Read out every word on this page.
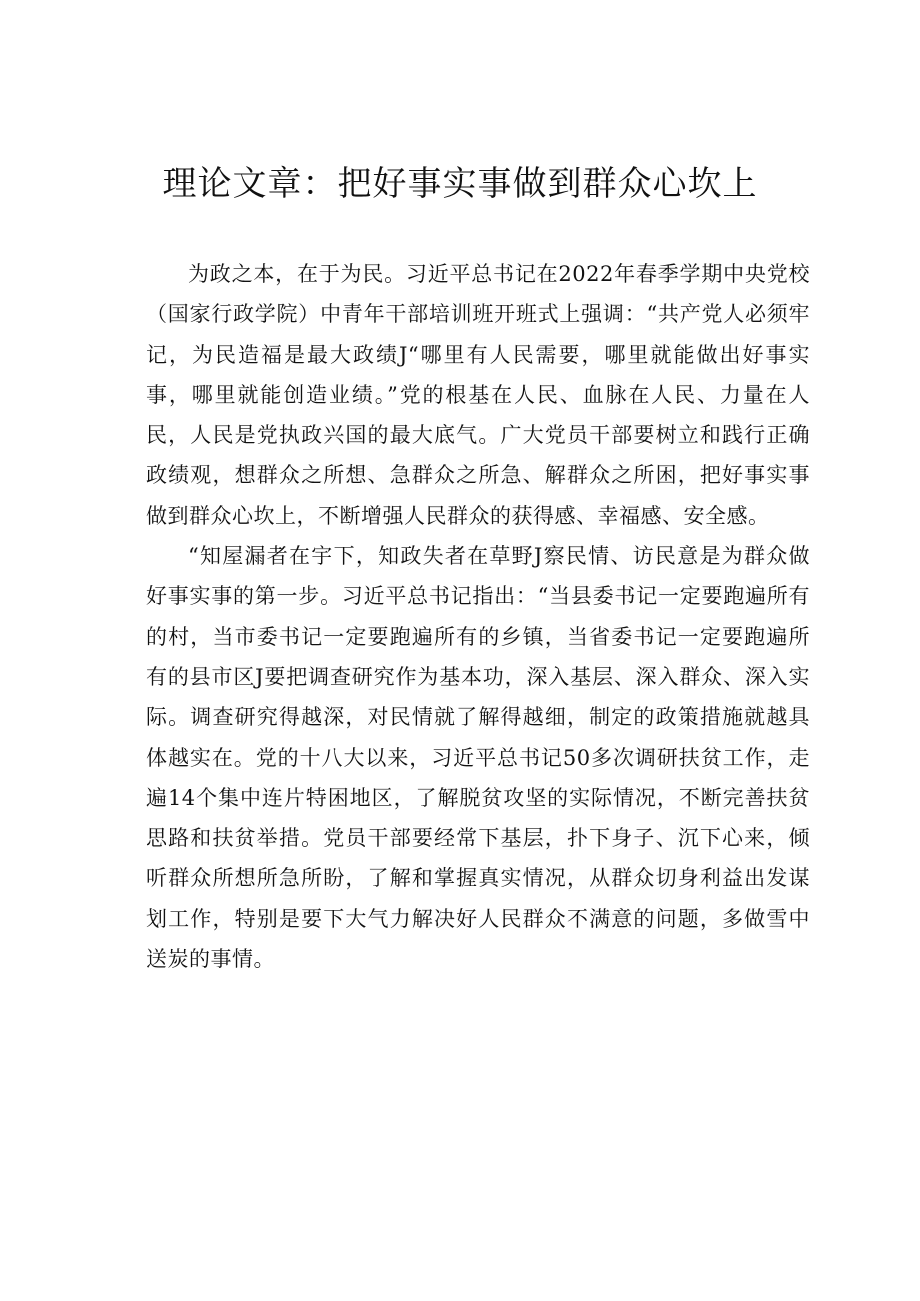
理论文章：把好事实事做到群众心坎上

为政之本，在于为民。习近平总书记在2022年春季学期中央党校（国家行政学院）中青年干部培训班开班式上强调：“共产党人必须牢记，为民造福是最大政绩J“哪里有人民需要，哪里就能做出好事实事，哪里就能创造业绩。”党的根基在人民、血脉在人民、力量在人民，人民是党执政兴国的最大底气。广大党员干部要树立和践行正确政绩观，想群众之所想、急群众之所急、解群众之所困，把好事实事做到群众心坎上，不断增强人民群众的获得感、幸福感、安全感。

“知屋漏者在宇下，知政失者在草野J察民情、访民意是为群众做好事实事的第一步。习近平总书记指出：“当县委书记一定要跑遍所有的村，当市委书记一定要跑遍所有的乡镇，当省委书记一定要跑遍所有的县市区J要把调查研究作为基本功，深入基层、深入群众、深入实际。调查研究得越深，对民情就了解得越细，制定的政策措施就越具体越实在。党的十八大以来，习近平总书记50多次调研扶贫工作，走遍14个集中连片特困地区，了解脱贫攻坚的实际情况，不断完善扶贫思路和扶贫举措。党员干部要经常下基层，扑下身子、沉下心来，倾听群众所想所急所盼，了解和掌握真实情况，从群众切身利益出发谋划工作，特别是要下大气力解决好人民群众不满意的问题，多做雪中送炭的事情。
